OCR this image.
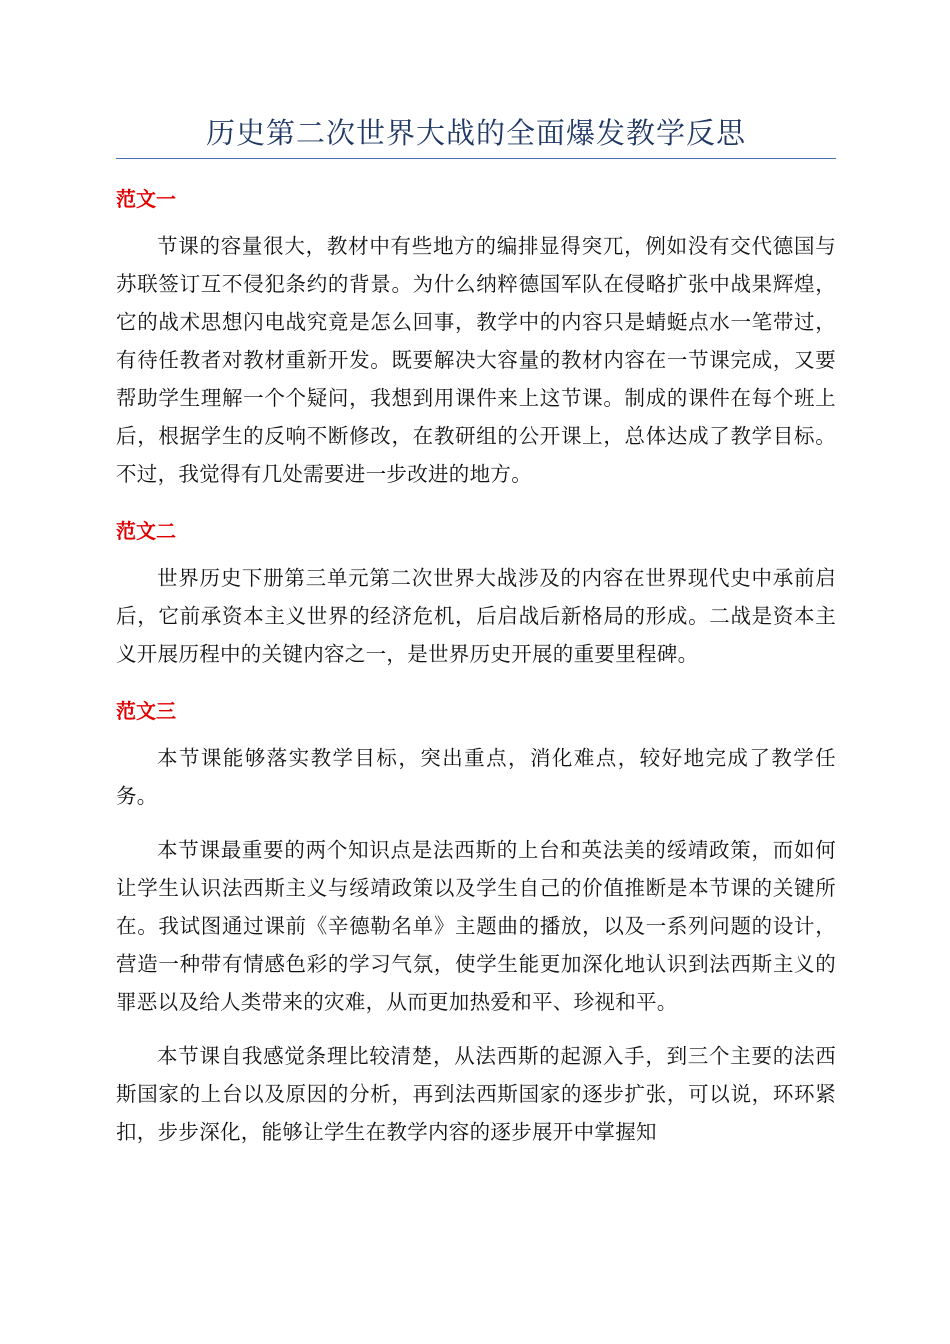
历史第二次世界大战的全面爆发教学反思
范文一

节课的容量很大，教材中有些地方的编排显得突兀，例如没有交代德国与苏联签订互不侵犯条约的背景。为什么纳粹德国军队在侵略扩张中战果辉煌，它的战术思想闪电战究竟是怎么回事，教学中的内容只是蜻蜓点水一笔带过，有待任教者对教材重新开发。既要解决大容量的教材内容在一节课完成，又要帮助学生理解一个个疑问，我想到用课件来上这节课。制成的课件在每个班上后，根据学生的反响不断修改，在教研组的公开课上，总体达成了教学目标。不过，我觉得有几处需要进一步改进的地方。

范文二

世界历史下册第三单元第二次世界大战涉及的内容在世界现代史中承前启后，它前承资本主义世界的经济危机，后启战后新格局的形成。二战是资本主义开展历程中的关键内容之一，是世界历史开展的重要里程碑。

范文三

本节课能够落实教学目标，突出重点，消化难点，较好地完成了教学任务。

本节课最重要的两个知识点是法西斯的上台和英法美的绥靖政策，而如何让学生认识法西斯主义与绥靖政策以及学生自己的价值推断是本节课的关键所在。我试图通过课前《辛德勒名单》主题曲的播放，以及一系列问题的设计，营造一种带有情感色彩的学习气氛，使学生能更加深化地认识到法西斯主义的罪恶以及给人类带来的灾难，从而更加热爱和平、珍视和平。

本节课自我感觉条理比较清楚，从法西斯的起源入手，到三个主要的法西斯国家的上台以及原因的分析，再到法西斯国家的逐步扩张，可以说，环环紧扣，步步深化，能够让学生在教学内容的逐步展开中掌握知
